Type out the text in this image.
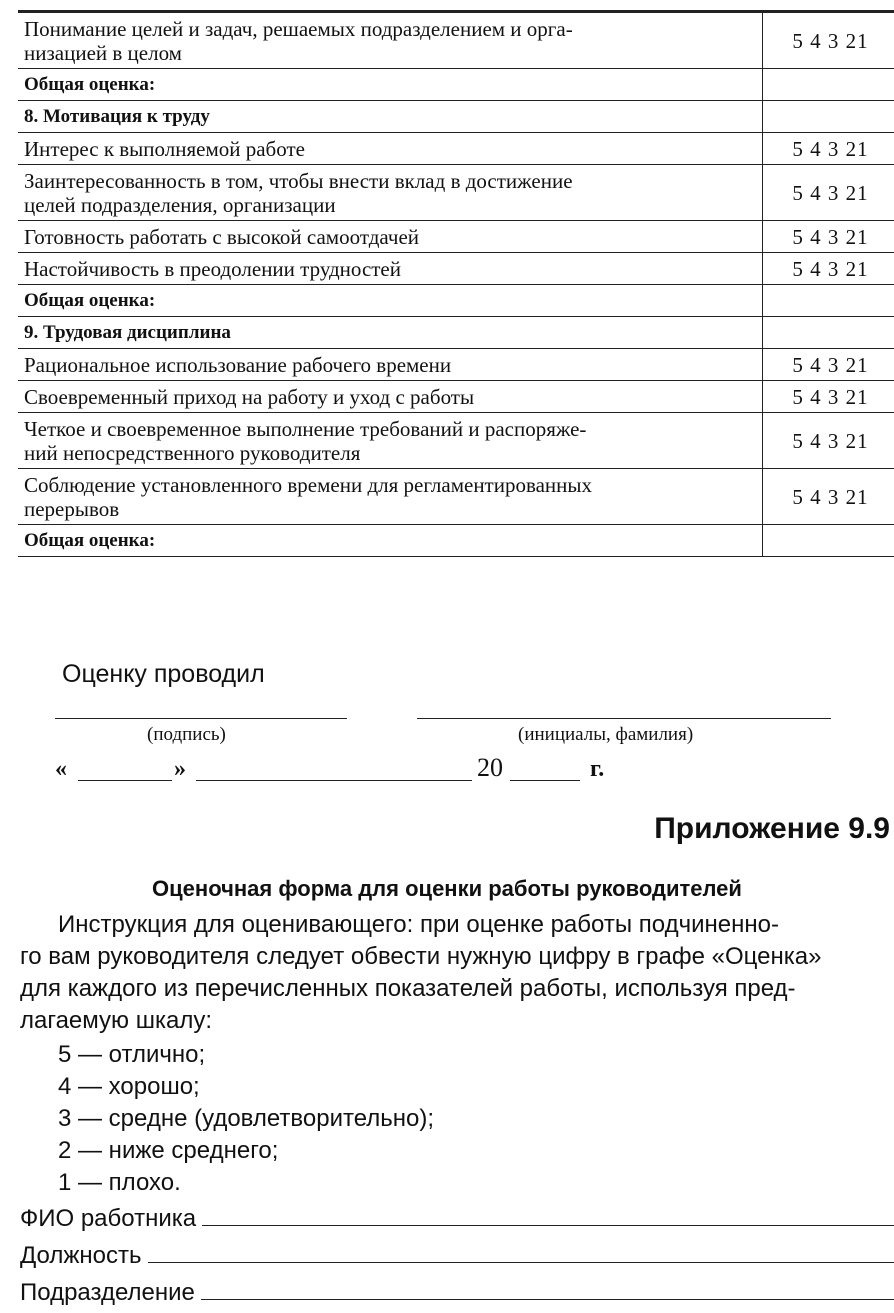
Понимание целей и задач, решаемых подразделением и орга-
низацией в целом	5 4 3 21

Общая оценка:	

8. Мотивация к труду	

Интерес к выполняемой работе	5 4 3 21

Заинтересованность в том, чтобы внести вклад в достижение
целей подразделения, организации	5 4 3 21

Готовность работать с высокой самоотдачей	5 4 3 21

Настойчивость в преодолении трудностей	5 4 3 21

Общая оценка:	

9. Трудовая дисциплина	

Рациональное использование рабочего времени	5 4 3 21

Своевременный приход на работу и уход с работы	5 4 3 21

Четкое и своевременное выполнение требований и распоряже-
ний непосредственного руководителя	5 4 3 21

Соблюдение установленного времени для регламентированных
перерывов	5 4 3 21

Общая оценка:	

Оценку проводил
(подпись)	(инициалы, фамилия)
«	»	20	г.
Приложение 9.9
Оценочная форма для оценки работы руководителей
Инструкция для оценивающего: при оценке работы подчиненно-
го вам руководителя следует обвести нужную цифру в графе «Оценка»
для каждого из перечисленных показателей работы, используя пред-
лагаемую шкалу:
5 — отлично;
4 — хорошо;
3 — средне (удовлетворительно);
2 — ниже среднего;
1 — плохо.
ФИО работника
Должность
Подразделение
